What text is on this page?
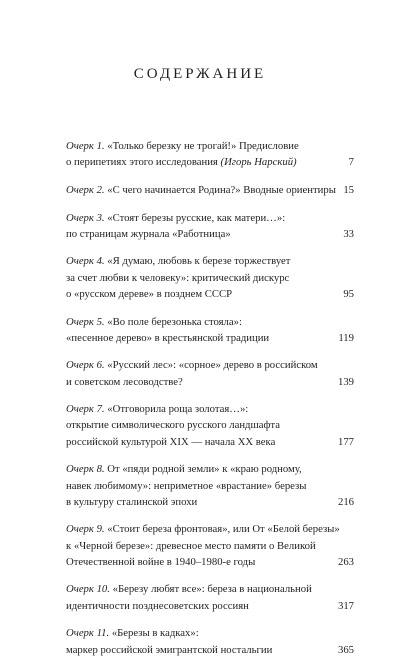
СОДЕРЖАНИЕ
Очерк 1. «Только березку не трогай!» Предисловие
о перипетиях этого исследования (Игорь Нарский)	7
Очерк 2. «С чего начинается Родина?» Вводные ориентиры 15
Очерк 3. «Стоят березы русские, как матери…»:
по страницам журнала «Работница»	33
Очерк 4. «Я думаю, любовь к березе торжествует
за счет любви к человеку»: критический дискурс
о «русском дереве» в позднем СССР	95
Очерк 5. «Во поле березонька стояла»:
«песенное дерево» в крестьянской традиции	119
Очерк 6. «Русский лес»: «сорное» дерево в российском
и советском лесоводстве?	139
Очерк 7. «Отговорила роща золотая…»:
открытие символического русского ландшафта
российской культурой XIX — начала XX века	177
Очерк 8. От «пяди родной земли» к «краю родному,
навек любимому»: неприметное «врастание» березы
в культуру сталинской эпохи	216
Очерк 9. «Стоит береза фронтовая», или От «Белой березы»
к «Черной березе»: древесное место памяти о Великой
Отечественной войне в 1940–1980-е годы	263
Очерк 10. «Березу любят все»: береза в национальной
идентичности позднесоветских россиян	317
Очерк 11. «Березы в кадках»:
маркер российской эмигрантской ностальгии	365
